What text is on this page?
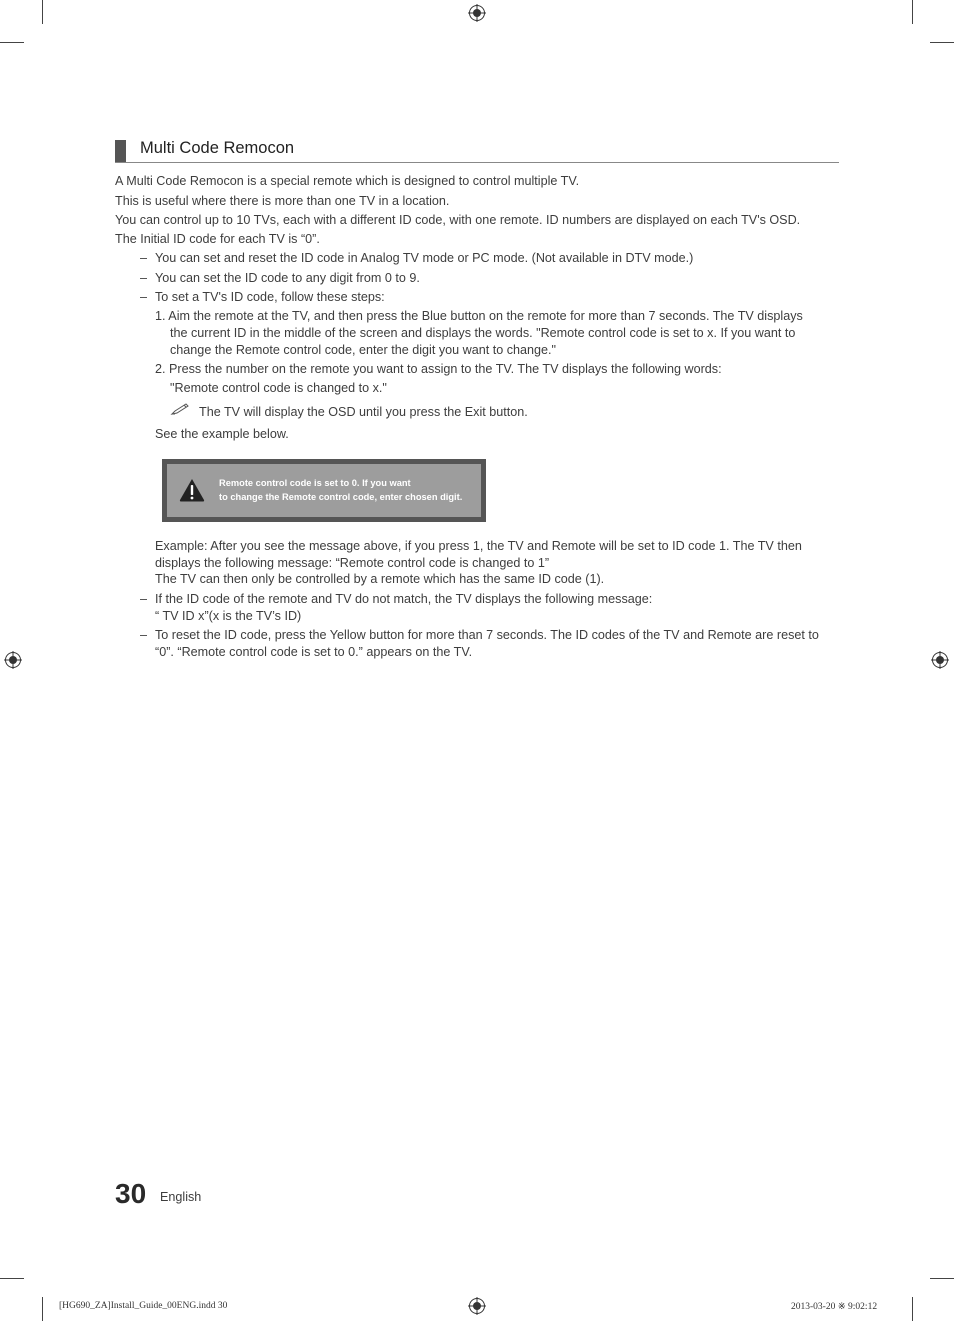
Multi Code Remocon
A Multi Code Remocon is a special remote which is designed to control multiple TV.
This is useful where there is more than one TV in a location.
You can control up to 10 TVs, each with a different ID code, with one remote. ID numbers are displayed on each TV's OSD.
The Initial ID code for each TV is “0”.
– You can set and reset the ID code in Analog TV mode or PC mode. (Not available in DTV mode.)
– You can set the ID code to any digit from 0 to 9.
– To set a TV's ID code, follow these steps:
1. Aim the remote at the TV, and then press the Blue button on the remote for more than 7 seconds. The TV displays
the current ID in the middle of the screen and displays the words. "Remote control code is set to x. If you want to
change the Remote control code, enter the digit you want to change."
2. Press the number on the remote you want to assign to the TV. The TV displays the following words:
"Remote control code is changed to x."
The TV will display the OSD until you press the Exit button.
See the example below.
Remote control code is set to 0. If you want
to change the Remote control code, enter chosen digit.
Example: After you see the message above, if you press 1, the TV and Remote will be set to ID code 1. The TV then
displays the following message: “Remote control code is changed to 1”
The TV can then only be controlled by a remote which has the same ID code (1).
– If the ID code of the remote and TV do not match, the TV displays the following message:
“ TV ID x”(x is the TV’s ID)
– To reset the ID code, press the Yellow button for more than 7 seconds. The ID codes of the TV and Remote are reset to
“0”. “Remote control code is set to 0.” appears on the TV.
30 English
[HG690_ZA]Install_Guide_00ENG.indd 30	2013-03-20 ※ 9:02:12
